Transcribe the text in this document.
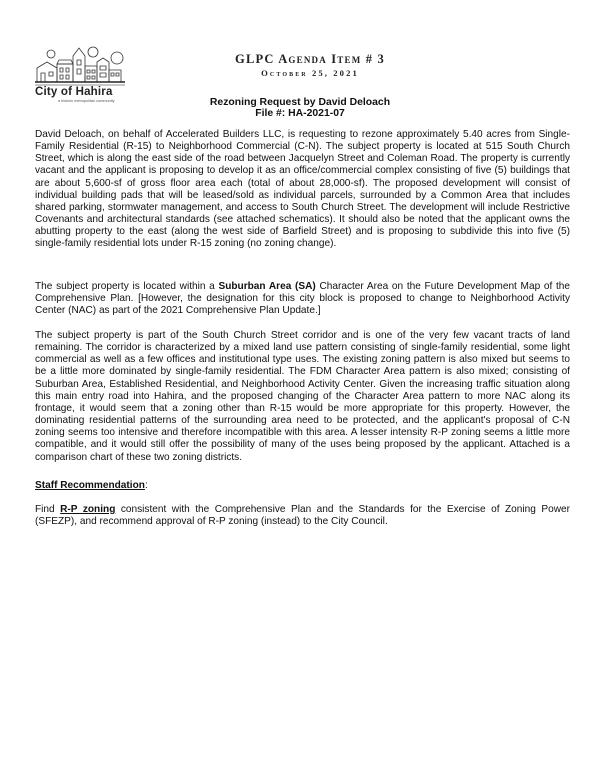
City of Hahira
a historic metropolitan community
GLPC Agenda Item # 3
October 25, 2021
Rezoning Request by David Deloach
File #: HA-2021-07

David Deloach, on behalf of Accelerated Builders LLC, is requesting to rezone approximately 5.40 acres from Single-Family Residential (R-15) to Neighborhood Commercial (C-N). The subject property is located at 515 South Church Street, which is along the east side of the road between Jacquelyn Street and Coleman Road. The property is currently vacant and the applicant is proposing to develop it as an office/commercial complex consisting of five (5) buildings that are about 5,600-sf of gross floor area each (total of about 28,000-sf). The proposed development will consist of individual building pads that will be leased/sold as individual parcels, surrounded by a Common Area that includes shared parking, stormwater management, and access to South Church Street. The development will include Restrictive Covenants and architectural standards (see attached schematics). It should also be noted that the applicant owns the abutting property to the east (along the west side of Barfield Street) and is proposing to subdivide this into five (5) single-family residential lots under R-15 zoning (no zoning change).

The subject property is located within a Suburban Area (SA) Character Area on the Future Development Map of the Comprehensive Plan. [However, the designation for this city block is proposed to change to Neighborhood Activity Center (NAC) as part of the 2021 Comprehensive Plan Update.]

The subject property is part of the South Church Street corridor and is one of the very few vacant tracts of land remaining. The corridor is characterized by a mixed land use pattern consisting of single-family residential, some light commercial as well as a few offices and institutional type uses. The existing zoning pattern is also mixed but seems to be a little more dominated by single-family residential. The FDM Character Area pattern is also mixed; consisting of Suburban Area, Established Residential, and Neighborhood Activity Center. Given the increasing traffic situation along this main entry road into Hahira, and the proposed changing of the Character Area pattern to more NAC along its frontage, it would seem that a zoning other than R-15 would be more appropriate for this property. However, the dominating residential patterns of the surrounding area need to be protected, and the applicant's proposal of C-N zoning seems too intensive and therefore incompatible with this area. A lesser intensity R-P zoning seems a little more compatible, and it would still offer the possibility of many of the uses being proposed by the applicant. Attached is a comparison chart of these two zoning districts.

Staff Recommendation:

Find R-P zoning consistent with the Comprehensive Plan and the Standards for the Exercise of Zoning Power (SFEZP), and recommend approval of R-P zoning (instead) to the City Council.
